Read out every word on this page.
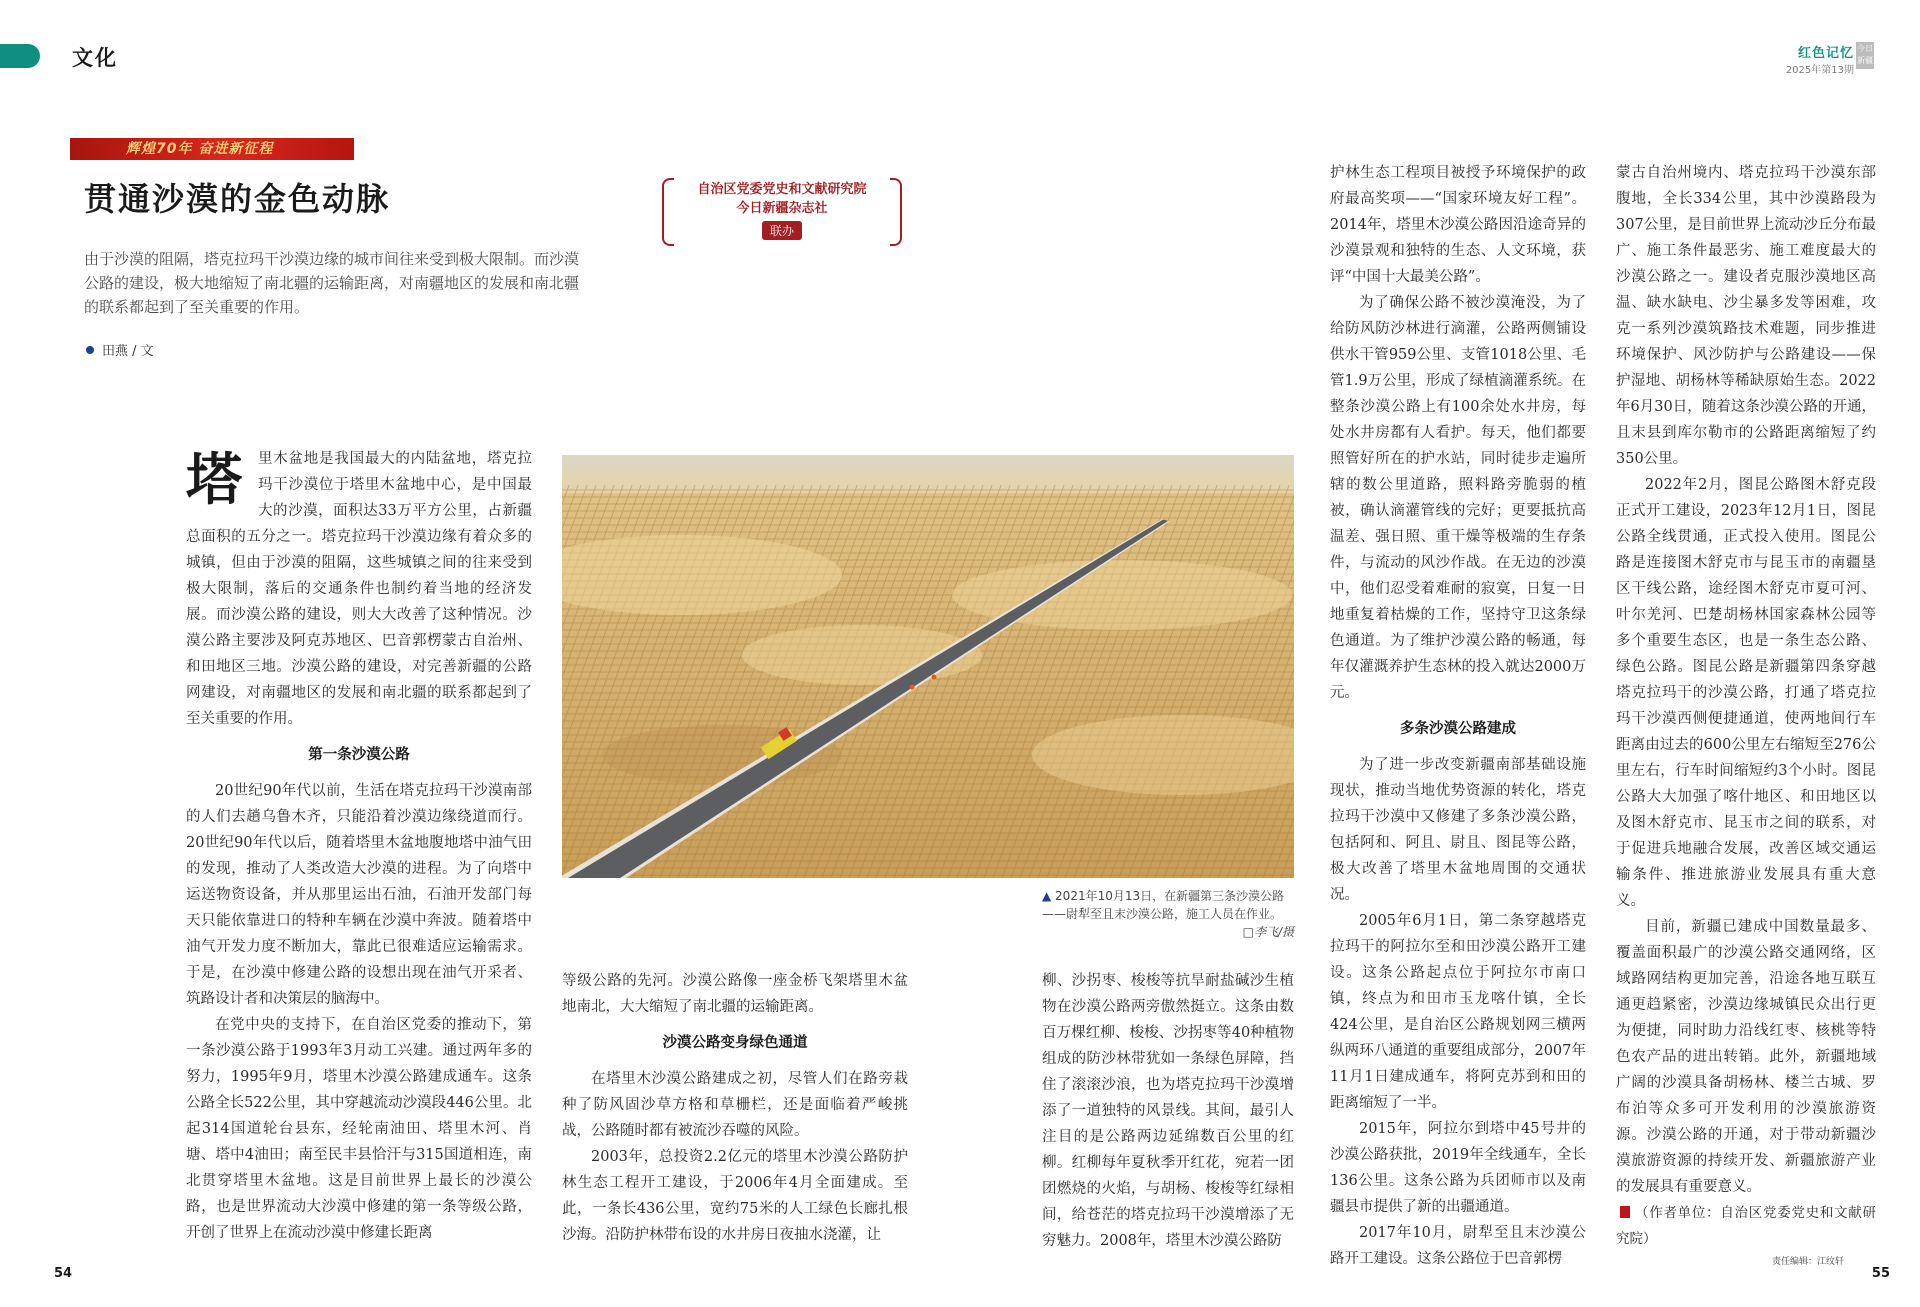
文化	红色记忆
2025年第13期
今日新疆
辉煌70年 奋进新征程
贯通沙漠的金色动脉
由于沙漠的阻隔，塔克拉玛干沙漠边缘的城市间往来受到极大限制。而沙漠公路的建设，极大地缩短了南北疆的运输距离，对南疆地区的发展和南北疆的联系都起到了至关重要的作用。
田燕 / 文
自治区党委党史和文献研究院
今日新疆杂志社
联办
塔	里木盆地是我国最大的内陆盆地，塔克拉玛干沙漠位于塔里木盆地中心，是中国最大的沙漠，面积达33万平方公里，占新疆总面积的五分之一。塔克拉玛干沙漠边缘有着众多的城镇，但由于沙漠的阻隔，这些城镇之间的往来受到极大限制，落后的交通条件也制约着当地的经济发展。而沙漠公路的建设，则大大改善了这种情况。沙漠公路主要涉及阿克苏地区、巴音郭楞蒙古自治州、和田地区三地。沙漠公路的建设，对完善新疆的公路网建设，对南疆地区的发展和南北疆的联系都起到了至关重要的作用。

第一条沙漠公路

20世纪90年代以前，生活在塔克拉玛干沙漠南部的人们去趟乌鲁木齐，只能沿着沙漠边缘绕道而行。20世纪90年代以后，随着塔里木盆地腹地塔中油气田的发现，推动了人类改造大沙漠的进程。为了向塔中运送物资设备，并从那里运出石油，石油开发部门每天只能依靠进口的特种车辆在沙漠中奔波。随着塔中油气开发力度不断加大，靠此已很难适应运输需求。于是，在沙漠中修建公路的设想出现在油气开采者、筑路设计者和决策层的脑海中。

在党中央的支持下，在自治区党委的推动下，第一条沙漠公路于1993年3月动工兴建。通过两年多的努力，1995年9月，塔里木沙漠公路建成通车。这条公路全长522公里，其中穿越流动沙漠段446公里。北起314国道轮台县东，经轮南油田、塔里木河、肖塘、塔中4油田；南至民丰县恰汗与315国道相连，南北贯穿塔里木盆地。这是目前世界上最长的沙漠公路，也是世界流动大沙漠中修建的第一条等级公路，开创了世界上在流动沙漠中修建长距离

▲ 2021年10月13日，在新疆第三条沙漠公路——尉犁至且末沙漠公路，施工人员在作业。
□李飞/摄

等级公路的先河。沙漠公路像一座金桥飞架塔里木盆地南北，大大缩短了南北疆的运输距离。

沙漠公路变身绿色通道

在塔里木沙漠公路建成之初，尽管人们在路旁栽种了防风固沙草方格和草栅栏，还是面临着严峻挑战，公路随时都有被流沙吞噬的风险。

2003年，总投资2.2亿元的塔里木沙漠公路防护林生态工程开工建设，于2006年4月全面建成。至此，一条长436公里，宽约75米的人工绿色长廊扎根沙海。沿防护林带布设的水井房日夜抽水浇灌，让

柳、沙拐枣、梭梭等抗旱耐盐碱沙生植物在沙漠公路两旁傲然挺立。这条由数百万棵红柳、梭梭、沙拐枣等40种植物组成的防沙林带犹如一条绿色屏障，挡住了滚滚沙浪，也为塔克拉玛干沙漠增添了一道独特的风景线。其间，最引人注目的是公路两边延绵数百公里的红柳。红柳每年夏秋季开红花，宛若一团团燃烧的火焰，与胡杨、梭梭等红绿相间，给苍茫的塔克拉玛干沙漠增添了无穷魅力。2008年，塔里木沙漠公路防

护林生态工程项目被授予环境保护的政府最高奖项——“国家环境友好工程”。2014年，塔里木沙漠公路因沿途奇异的沙漠景观和独特的生态、人文环境，获评“中国十大最美公路”。

为了确保公路不被沙漠淹没，为了给防风防沙林进行滴灌，公路两侧铺设供水干管959公里、支管1018公里、毛管1.9万公里，形成了绿植滴灌系统。在整条沙漠公路上有100余处水井房，每处水井房都有人看护。每天，他们都要照管好所在的护水站，同时徒步走遍所辖的数公里道路，照料路旁脆弱的植被，确认滴灌管线的完好；更要抵抗高温差、强日照、重干燥等极端的生存条件，与流动的风沙作战。在无边的沙漠中，他们忍受着难耐的寂寞，日复一日地重复着枯燥的工作，坚持守卫这条绿色通道。为了维护沙漠公路的畅通，每年仅灌溉养护生态林的投入就达2000万元。

多条沙漠公路建成

为了进一步改变新疆南部基础设施现状，推动当地优势资源的转化，塔克拉玛干沙漠中又修建了多条沙漠公路，包括阿和、阿且、尉且、图昆等公路，极大改善了塔里木盆地周围的交通状况。

2005年6月1日，第二条穿越塔克拉玛干的阿拉尔至和田沙漠公路开工建设。这条公路起点位于阿拉尔市南口镇，终点为和田市玉龙喀什镇，全长424公里，是自治区公路规划网三横两纵两环八通道的重要组成部分，2007年11月1日建成通车，将阿克苏到和田的距离缩短了一半。

2015年，阿拉尔到塔中45号井的沙漠公路获批，2019年全线通车，全长136公里。这条公路为兵团师市以及南疆县市提供了新的出疆通道。

2017年10月，尉犁至且末沙漠公路开工建设。这条公路位于巴音郭楞

蒙古自治州境内、塔克拉玛干沙漠东部腹地，全长334公里，其中沙漠路段为307公里，是目前世界上流动沙丘分布最广、施工条件最恶劣、施工难度最大的沙漠公路之一。建设者克服沙漠地区高温、缺水缺电、沙尘暴多发等困难，攻克一系列沙漠筑路技术难题，同步推进环境保护、风沙防护与公路建设——保护湿地、胡杨林等稀缺原始生态。2022年6月30日，随着这条沙漠公路的开通，且末县到库尔勒市的公路距离缩短了约350公里。

2022年2月，图昆公路图木舒克段正式开工建设，2023年12月1日，图昆公路全线贯通，正式投入使用。图昆公路是连接图木舒克市与昆玉市的南疆垦区干线公路，途经图木舒克市夏可河、叶尔羌河、巴楚胡杨林国家森林公园等多个重要生态区，也是一条生态公路、绿色公路。图昆公路是新疆第四条穿越塔克拉玛干的沙漠公路，打通了塔克拉玛干沙漠西侧便捷通道，使两地间行车距离由过去的600公里左右缩短至276公里左右，行车时间缩短约3个小时。图昆公路大大加强了喀什地区、和田地区以及图木舒克市、昆玉市之间的联系，对于促进兵地融合发展，改善区域交通运输条件、推进旅游业发展具有重大意义。

目前，新疆已建成中国数量最多、覆盖面积最广的沙漠公路交通网络，区域路网结构更加完善，沿途各地互联互通更趋紧密，沙漠边缘城镇民众出行更为便捷，同时助力沿线红枣、核桃等特色农产品的进出转销。此外，新疆地域广阔的沙漠具备胡杨林、楼兰古城、罗布泊等众多可开发利用的沙漠旅游资源。沙漠公路的开通，对于带动新疆沙漠旅游资源的持续开发、新疆旅游产业的发展具有重要意义。

（作者单位：自治区党委党史和文献研究院）

54
责任编辑：江纹轩
55
